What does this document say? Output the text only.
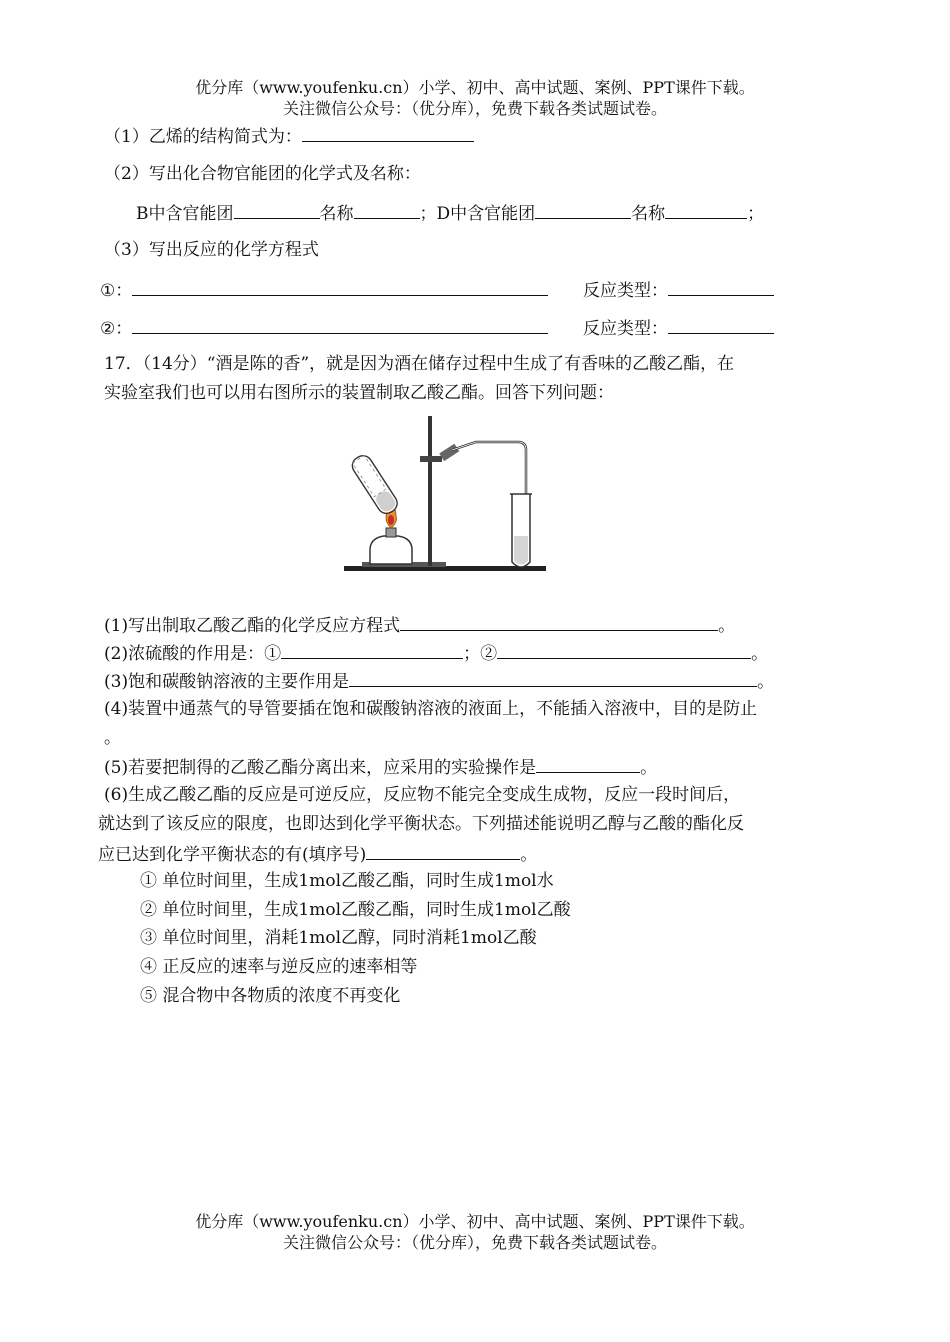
优分库（www.youfenku.cn）小学、初中、高中试题、案例、PPT课件下载。
关注微信公众号：（优分库），免费下载各类试题试卷。
（1）乙烯的结构简式为：
（2）写出化合物官能团的化学式及名称：
B中含官能团	名称	；D中含官能团	名称	；
（3）写出反应的化学方程式
①：	反应类型：
②：	反应类型：
17．（14分）“酒是陈的香”，就是因为酒在储存过程中生成了有香味的乙酸乙酯，在
实验室我们也可以用右图所示的装置制取乙酸乙酯。回答下列问题：
(1)写出制取乙酸乙酯的化学反应方程式	。
(2)浓硫酸的作用是：①	；②	。
(3)饱和碳酸钠溶液的主要作用是	。
(4)装置中通蒸气的导管要插在饱和碳酸钠溶液的液面上，不能插入溶液中，目的是防止
。
(5)若要把制得的乙酸乙酯分离出来，应采用的实验操作是	。
(6)生成乙酸乙酯的反应是可逆反应，反应物不能完全变成生成物，反应一段时间后，
就达到了该反应的限度，也即达到化学平衡状态。下列描述能说明乙醇与乙酸的酯化反
应已达到化学平衡状态的有(填序号)	。
① 单位时间里，生成1mol乙酸乙酯，同时生成1mol水
② 单位时间里，生成1mol乙酸乙酯，同时生成1mol乙酸
③ 单位时间里，消耗1mol乙醇，同时消耗1mol乙酸
④ 正反应的速率与逆反应的速率相等
⑤ 混合物中各物质的浓度不再变化
优分库（www.youfenku.cn）小学、初中、高中试题、案例、PPT课件下载。
关注微信公众号：（优分库），免费下载各类试题试卷。
